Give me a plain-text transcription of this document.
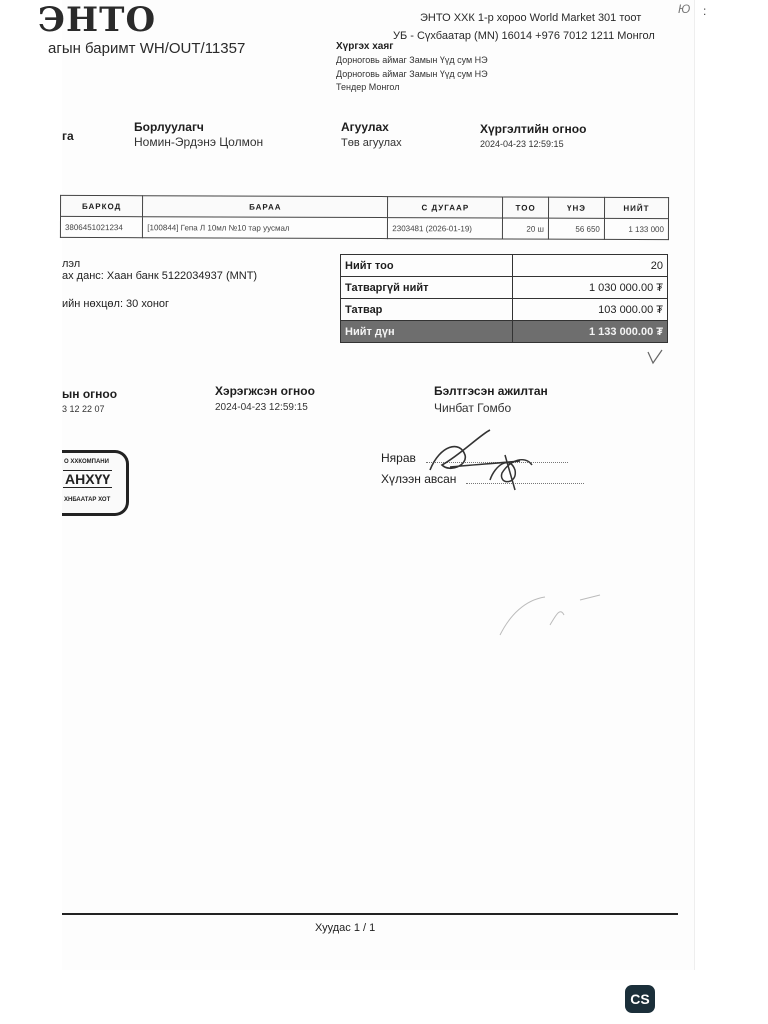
ЭНТО
агын баримт WH/OUT/11357
ЭНТО ХХК 1-р хороо World Market 301 тоот
УБ - Сүхбаатар (MN) 16014 +976 7012 1211 Монгол
Ю :
Хүргэх хаяг
Дорноговь аймаг Замын Үүд сум НЭ
Дорноговь аймаг Замын Үүд сум НЭ
Тендер Монгол
га
Борлуулагч
Номин-Эрдэнэ Цолмон
Агуулах
Төв агуулах
Хүргэлтийн огноо
2024-04-23 12:59:15
БАРКОД	БАРАА	С ДУГААР	ТОО	ҮНЭ	НИЙТ
3806451021234	[100844] Гепа Л 10мл №10 тар уусмал	2303481 (2026-01-19)	20 ш	56 650	1 133 000
лэл
ах данс: Хаан банк 5122034937 (MNT)
ийн нөхцөл: 30 хоног
Нийт тоо	20
Татваргүй нийт	1 030 000.00 ₮
Татвар	103 000.00 ₮
Нийт дүн	1 133 000.00 ₮
ын огноо
3 12 22 07
Хэрэгжсэн огноо
2024-04-23 12:59:15
Бэлтгэсэн ажилтан
Чинбат Гомбо
О ХХКОМПАНИ
АНХҮҮ
ХНБААТАР ХОТ
Нярав
Хүлээн авсан
Хуудас 1 / 1
CS
